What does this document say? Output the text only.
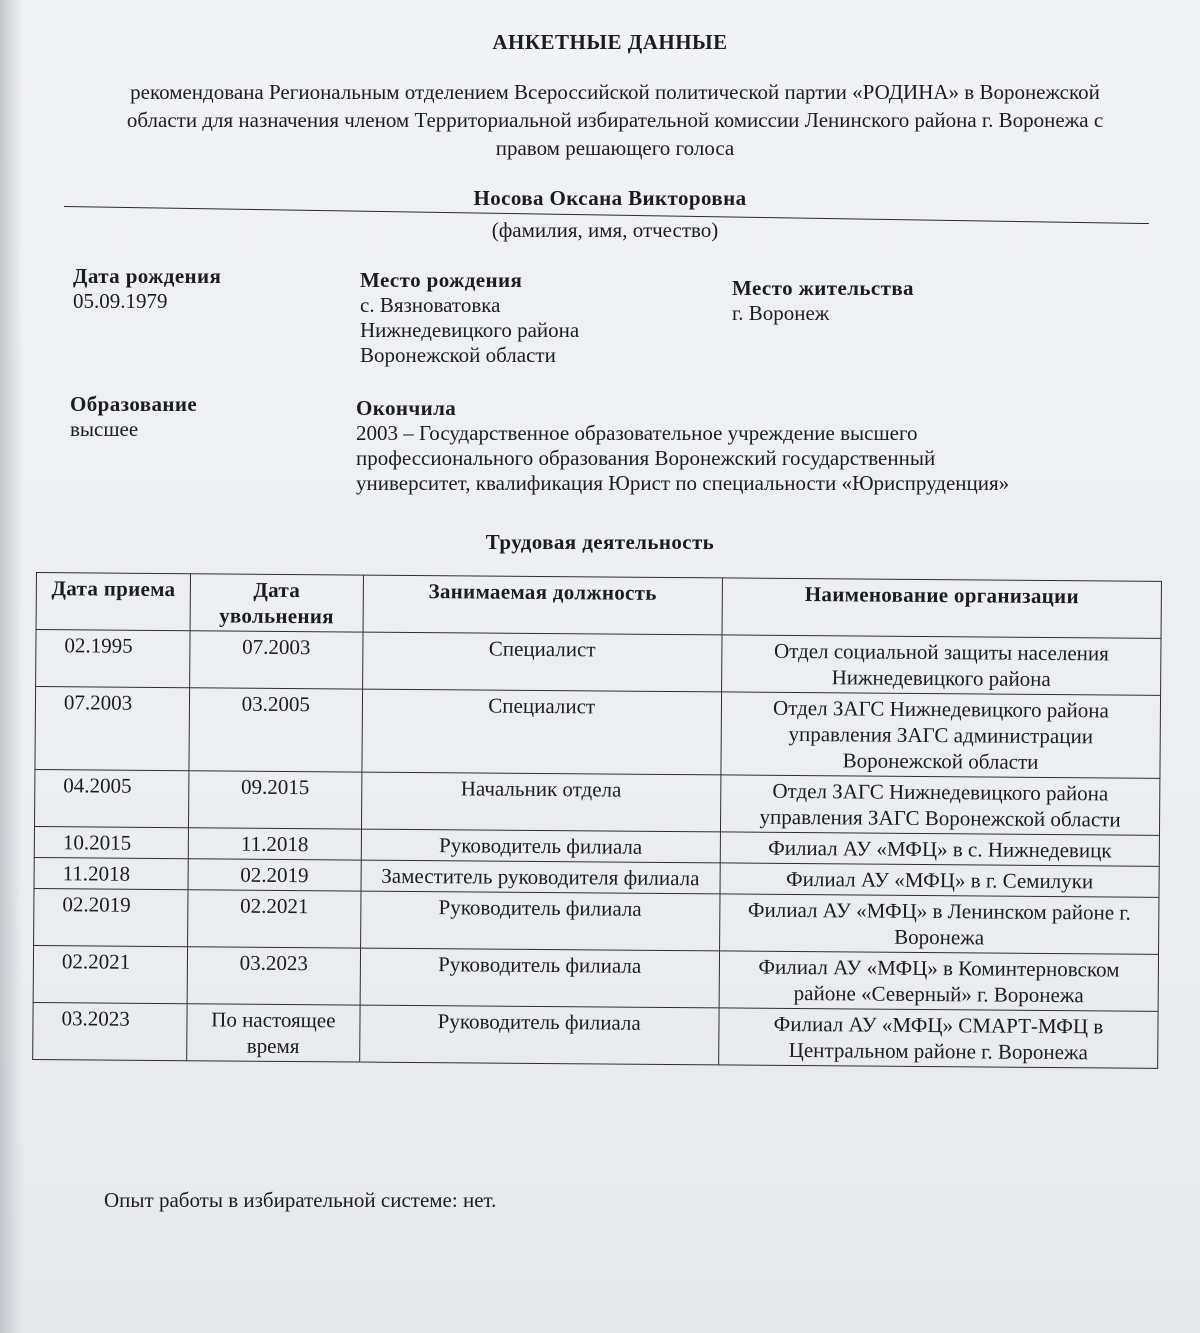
АНКЕТНЫЕ ДАННЫЕ
рекомендована Региональным отделением Всероссийской политической партии «РОДИНА» в Воронежской области для назначения членом Территориальной избирательной комиссии Ленинского района г. Воронежа с правом решающего голоса
Носова Оксана Викторовна
(фамилия, имя, отчество)
Дата рождения
05.09.1979
Место рождения
с. Вязноватовка
Нижнедевицкого района
Воронежской области
Место жительства
г. Воронеж
Образование
высшее
Окончила
2003 – Государственное образовательное учреждение высшего
профессионального образования Воронежский государственный
университет, квалификация Юрист по специальности «Юриспруденция»
Трудовая деятельность
Дата приема	Дата увольнения	Занимаемая должность	Наименование организации
02.1995	07.2003	Специалист	Отдел социальной защиты населения Нижнедевицкого района
07.2003	03.2005	Специалист	Отдел ЗАГС Нижнедевицкого района управления ЗАГС администрации Воронежской области
04.2005	09.2015	Начальник отдела	Отдел ЗАГС Нижнедевицкого района управления ЗАГС Воронежской области
10.2015	11.2018	Руководитель филиала	Филиал АУ «МФЦ» в с. Нижнедевицк
11.2018	02.2019	Заместитель руководителя филиала	Филиал АУ «МФЦ» в г. Семилуки
02.2019	02.2021	Руководитель филиала	Филиал АУ «МФЦ» в Ленинском районе г. Воронежа
02.2021	03.2023	Руководитель филиала	Филиал АУ «МФЦ» в Коминтерновском районе «Северный» г. Воронежа
03.2023	По настоящее время	Руководитель филиала	Филиал АУ «МФЦ» СМАРТ-МФЦ в Центральном районе г. Воронежа
Опыт работы в избирательной системе: нет.
